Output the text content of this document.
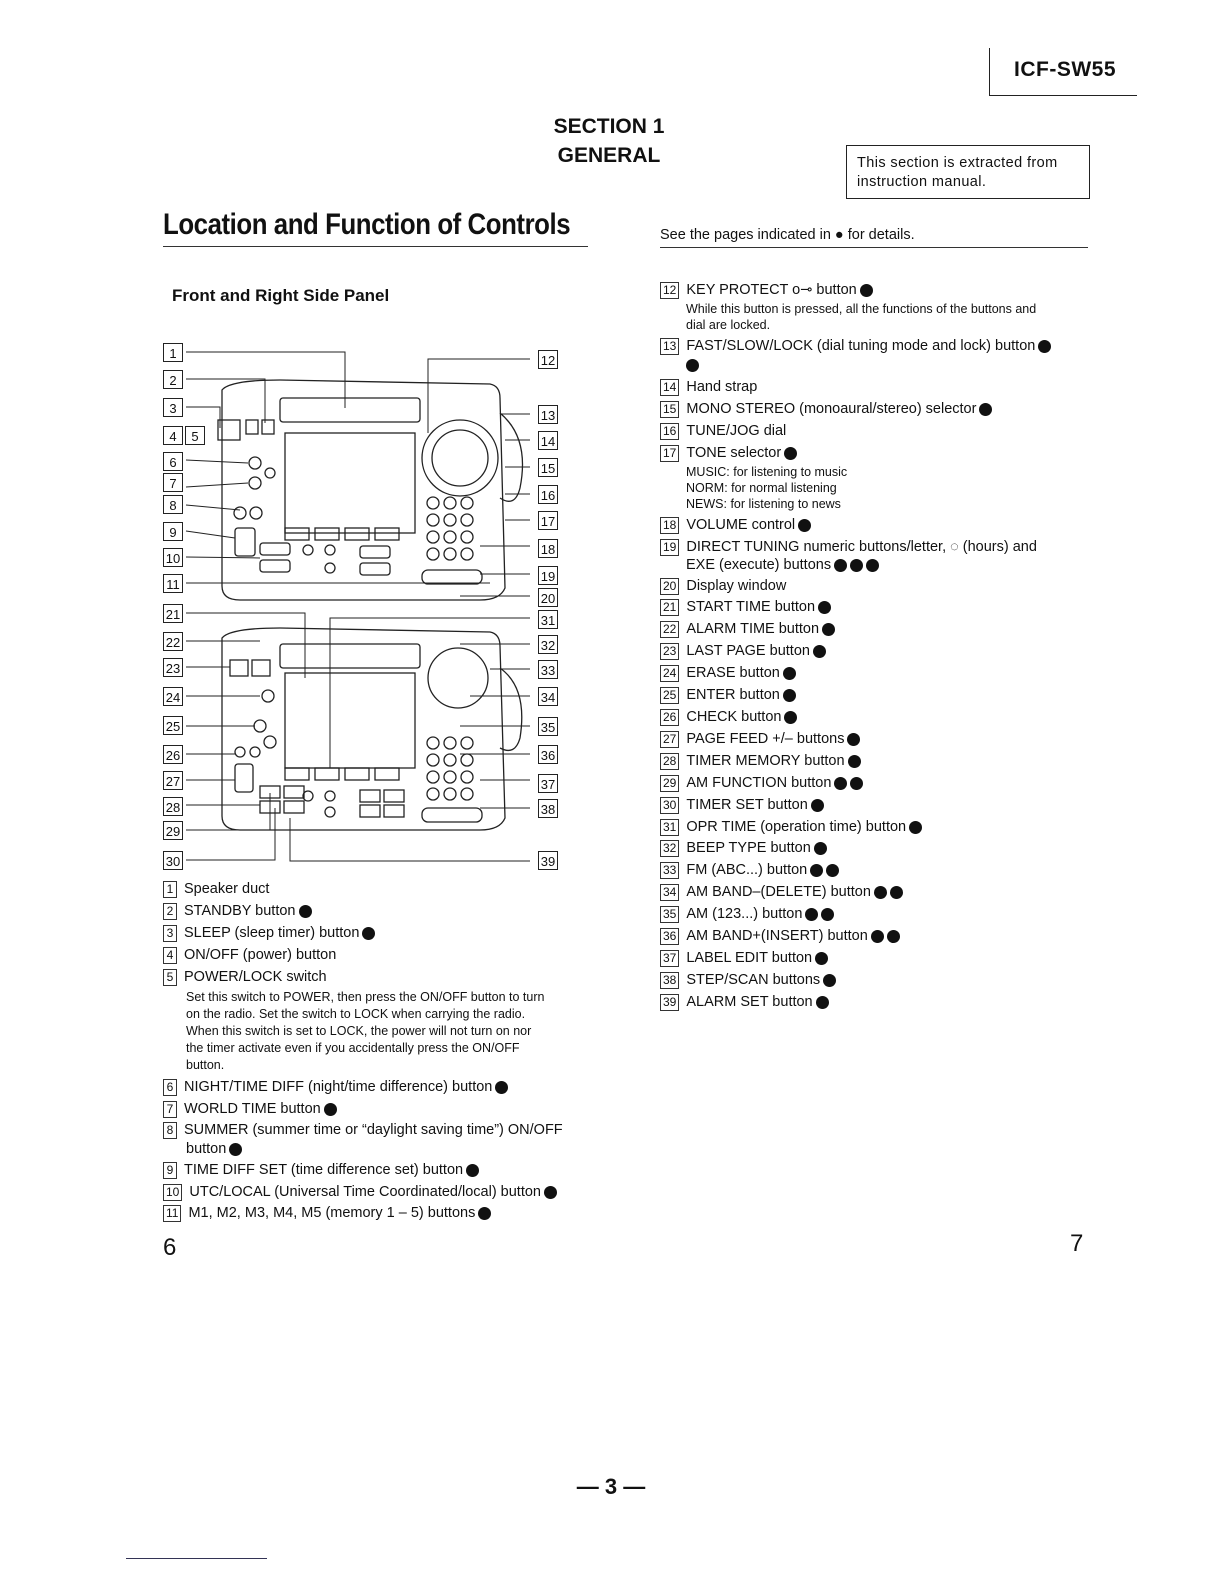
ICF-SW55
SECTION 1
GENERAL	This section is extracted from
instruction manual.
Location and Function of Controls	See the pages indicated in ● for details.
Front and Right Side Panel
1
2
3
4	5
6
7
8
9
10
11
21
22
23
24
25
26
27
28
29
30
12
13
14
15
16
17
18
19
20
31
32
33
34
35
36
37
38
39
1 Speaker duct
2 STANDBY button
3 SLEEP (sleep timer) button
4 ON/OFF (power) button
5 POWER/LOCK switch
Set this switch to POWER, then press the ON/OFF button to turn
on the radio. Set the switch to LOCK when carrying the radio.
When this switch is set to LOCK, the power will not turn on nor
the timer activate even if you accidentally press the ON/OFF
button.
6 NIGHT/TIME DIFF (night/time difference) button
7 WORLD TIME button
8 SUMMER (summer time or “daylight saving time”) ON/OFF
button
9 TIME DIFF SET (time difference set) button
10 UTC/LOCAL (Universal Time Coordinated/local) button
11 M1, M2, M3, M4, M5 (memory 1 – 5) buttons
12 KEY PROTECT o⊸ button
While this button is pressed, all the functions of the buttons and
dial are locked.
13 FAST/SLOW/LOCK (dial tuning mode and lock) button
14 Hand strap
15 MONO STEREO (monoaural/stereo) selector
16 TUNE/JOG dial
17 TONE selector
MUSIC: for listening to music
NORM: for normal listening
NEWS: for listening to news
18 VOLUME control
19 DIRECT TUNING numeric buttons/letter, ◌ (hours) and
EXE (execute) buttons
20 Display window
21 START TIME button
22 ALARM TIME button
23 LAST PAGE button
24 ERASE button
25 ENTER button
26 CHECK button
27 PAGE FEED +/– buttons
28 TIMER MEMORY button
29 AM FUNCTION button
30 TIMER SET button
31 OPR TIME (operation time) button
32 BEEP TYPE button
33 FM (ABC...) button
34 AM BAND–(DELETE) button
35 AM (123...) button
36 AM BAND+(INSERT) button
37 LABEL EDIT button
38 STEP/SCAN buttons
39 ALARM SET button
6	7
— 3 —
